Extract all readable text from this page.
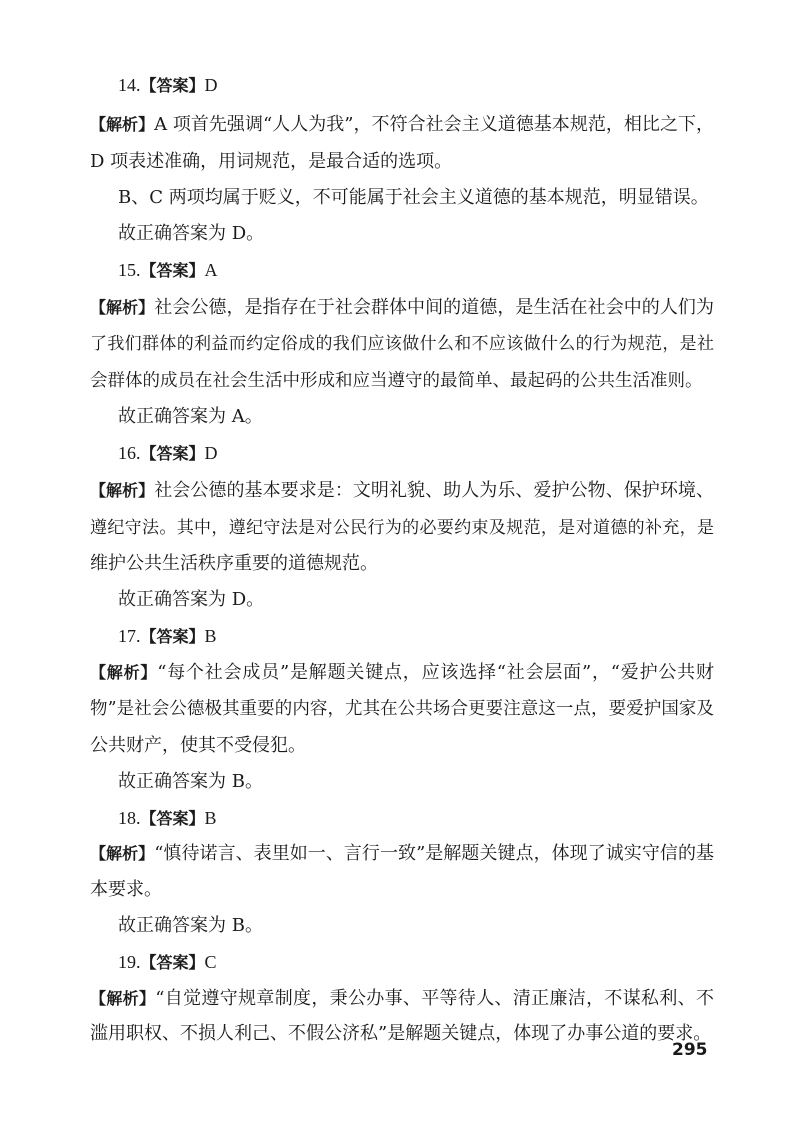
14.【答案】D
【解析】A 项首先强调“人人为我”，不符合社会主义道德基本规范，相比之下，
D 项表述准确，用词规范，是最合适的选项。
B、C 两项均属于贬义，不可能属于社会主义道德的基本规范，明显错误。
故正确答案为 D。
15.【答案】A
【解析】社会公德，是指存在于社会群体中间的道德，是生活在社会中的人们为
了我们群体的利益而约定俗成的我们应该做什么和不应该做什么的行为规范，是社
会群体的成员在社会生活中形成和应当遵守的最简单、最起码的公共生活准则。
故正确答案为 A。
16.【答案】D
【解析】社会公德的基本要求是：文明礼貌、助人为乐、爱护公物、保护环境、
遵纪守法。其中，遵纪守法是对公民行为的必要约束及规范，是对道德的补充，是
维护公共生活秩序重要的道德规范。
故正确答案为 D。
17.【答案】B
【解析】“每个社会成员”是解题关键点，应该选择“社会层面”，“爱护公共财
物”是社会公德极其重要的内容，尤其在公共场合更要注意这一点，要爱护国家及
公共财产，使其不受侵犯。
故正确答案为 B。
18.【答案】B
【解析】“慎待诺言、表里如一、言行一致”是解题关键点，体现了诚实守信的基
本要求。
故正确答案为 B。
19.【答案】C
【解析】“自觉遵守规章制度，秉公办事、平等待人、清正廉洁，不谋私利、不
滥用职权、不损人利己、不假公济私”是解题关键点，体现了办事公道的要求。
295
